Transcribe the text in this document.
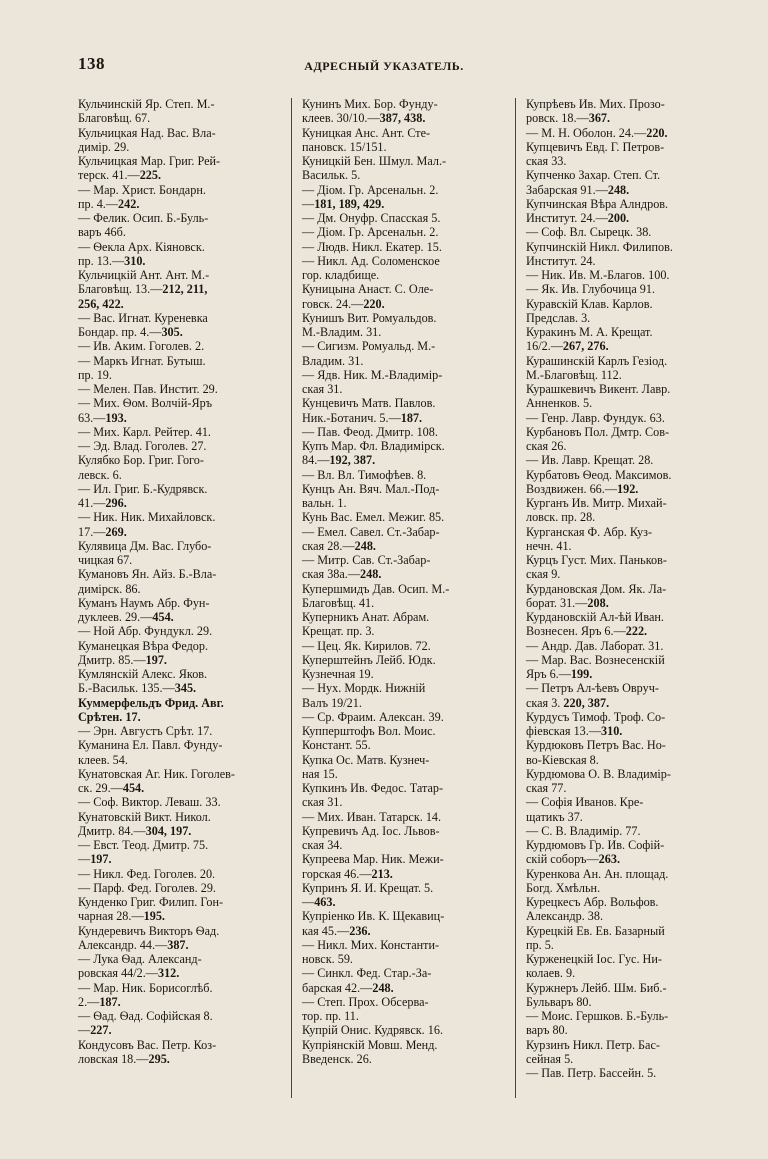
138	АДРЕСНЫЙ УКАЗАТЕЛЬ.
Кульчинскiй Яр. Степ. М.-
Благовѣщ. 67.
Кульчицкая Над. Вас. Вла-
димiр. 29.
Кульчицкая Мар. Григ. Рей-
терск. 41.—225.
— Мар. Христ. Бондарн.
пр. 4.—242.
— Фелик. Осип. Б.-Буль-
варъ 46б.
— Ѳекла Арх. Кiяновск.
пр. 13.—310.
Кульчицкiй Ант. Ант. М.-
Благовѣщ. 13.—212, 211,
256, 422.
— Вас. Игнат. Куреневка
Бондар. пр. 4.—305.
— Ив. Аким. Гоголев. 2.
— Маркъ Игнат. Бутыш.
пр. 19.
— Мелен. Пав. Инстит. 29.
— Мих. Ѳом. Волчiй-Яръ
63.—193.
— Мих. Карл. Рейтер. 41.
— Эд. Влад. Гоголев. 27.
Кулябко Бор. Григ. Гого-
левск. 6.
— Ил. Григ. Б.-Кудрявск.
41.—296.
— Ник. Ник. Михайловск.
17.—269.
Кулявица Дм. Вас. Глубо-
чицкая 67.
Кумановъ Ян. Айз. Б.-Вла-
димiрск. 86.
Куманъ Наумъ Абр. Фун-
дуклеев. 29.—454.
— Ной Абр. Фундукл. 29.
Куманецкая Вѣра Федор.
Дмитр. 85.—197.
Кумлянскiй Алекс. Яков.
Б.-Васильк. 135.—345.
Куммерфельдъ Фрид. Авг.
Срѣтен. 17.
— Эрн. Августъ Срѣт. 17.
Куманина Ел. Павл. Фунду-
клеев. 54.
Кунатовская Аг. Ник. Гоголев-
ск. 29.—454.
— Соф. Виктор. Леваш. 33.
Кунатовскiй Викт. Никол.
Дмитр. 84.—304, 197.
— Евст. Теод. Дмитр. 75.
—197.
— Никл. Фед. Гоголев. 20.
— Парф. Фед. Гоголев. 29.
Кунденко Григ. Филип. Гон-
чарная 28.—195.
Кундеревичъ Викторъ Ѳад.
Александр. 44.—387.
— Лука Ѳад. Александ-
ровская 44/2.—312.
— Мар. Ник. Борисоглѣб.
2.—187.
— Ѳад. Ѳад. Софiйская 8.
—227.
Кондусовъ Вас. Петр. Коз-
ловская 18.—295.
Кунинъ Мих. Бор. Фунду-
клеев. 30/10.—387, 438.
Куницкая Анс. Ант. Сте-
пановск. 15/151.
Куницкiй Бен. Шмул. Мал.-
Васильк. 5.
— Дiом. Гр. Арсенальн. 2.
—181, 189, 429.
— Дм. Онуфр. Спасская 5.
— Дiом. Гр. Арсенальн. 2.
— Людв. Никл. Екатер. 15.
— Никл. Ад. Соломенское
гор. кладбище.
Куницына Анаст. С. Оле-
говск. 24.—220.
Кунишъ Вит. Ромуальдов.
М.-Владим. 31.
— Сигизм. Ромуальд. М.-
Владим. 31.
— Ядв. Ник. М.-Владимiр-
ская 31.
Кунцевичъ Матв. Павлов.
Ник.-Ботанич. 5.—187.
— Пав. Феод. Дмитр. 108.
Купъ Мар. Фл. Владимiрск.
84.—192, 387.
— Вл. Вл. Тимофѣев. 8.
Кунцъ Ан. Вяч. Мал.-Под-
вальн. 1.
Кунь Вас. Емел. Межиг. 85.
— Емел. Савел. Ст.-Забар-
ская 28.—248.
— Митр. Сав. Ст.-Забар-
ская 38а.—248.
Купершмидъ Дав. Осип. М.-
Благовѣщ. 41.
Куперникъ Анат. Абрам.
Крещат. пр. 3.
— Цец. Як. Кирилов. 72.
Куперштейнъ Лейб. Юдк.
Кузнечная 19.
— Нух. Мордк. Нижнiй
Валъ 19/21.
— Ср. Фраим. Алексан. 39.
Купперштофъ Вол. Моис.
Констант. 55.
Купка Ос. Матв. Кузнеч-
ная 15.
Купкинъ Ив. Федос. Татар-
ская 31.
— Мих. Иван. Татарск. 14.
Купревичъ Ад. Iос. Львов-
ская 34.
Купреева Мар. Ник. Межи-
горская 46.—213.
Купринъ Я. И. Крещат. 5.
—463.
Купрiенко Ив. К. Щекавиц-
кая 45.—236.
— Никл. Мих. Константи-
новск. 59.
— Синкл. Фед. Стар.-За-
барская 42.—248.
— Степ. Прох. Обсерва-
тор. пр. 11.
Купрiй Онис. Кудрявск. 16.
Купрiянскiй Мовш. Менд.
Введенск. 26.
Купрѣевъ Ив. Мих. Прозо-
ровск. 18.—367.
— М. Н. Оболон. 24.—220.
Купцевичъ Евд. Г. Петров-
ская 33.
Купченко Захар. Степ. Ст.
Забарская 91.—248.
Купчинская Вѣра Алндров.
Институт. 24.—200.
— Соф. Вл. Сырецк. 38.
Купчинскiй Никл. Филипов.
Институт. 24.
— Ник. Ив. М.-Благов. 100.
— Як. Ив. Глубочица 91.
Куравскiй Клав. Карлов.
Предслав. 3.
Куракинъ М. А. Крещат.
16/2.—267, 276.
Курашинскiй Карлъ Гезiод.
М.-Благовѣщ. 112.
Курашкевичъ Викент. Лавр.
Анненков. 5.
— Генр. Лавр. Фундук. 63.
Курбановъ Пол. Дмтр. Сов-
ская 26.
— Ив. Лавр. Крещат. 28.
Курбатовъ Ѳеод. Максимов.
Воздвижен. 66.—192.
Курганъ Ив. Митр. Михай-
ловск. пр. 28.
Курганская Ф. Абр. Куз-
нечн. 41.
Курцъ Густ. Мих. Паньков-
ская 9.
Курдановская Дом. Як. Ла-
борат. 31.—208.
Курдановскiй Ал-ѣй Иван.
Вознесен. Яръ 6.—222.
— Андр. Дав. Лаборат. 31.
— Мар. Вас. Вознесенскiй
Яръ 6.—199.
— Петръ Ал-ѣевъ Овруч-
ская 3. 220, 387.
Курдусъ Тимоф. Троф. Со-
фiевская 13.—310.
Курдюковъ Петръ Вас. Но-
во-Кiевская 8.
Курдюмова О. В. Владимiр-
ская 77.
— Софiя Иванов. Кре-
щатикъ 37.
— С. В. Владимiр. 77.
Курдюмовъ Гр. Ив. Софiй-
скiй соборъ—263.
Куренкова Ан. Ан. площад.
Богд. Хмѣльн.
Курецкесъ Абр. Вольфов.
Александр. 38.
Курецкiй Ев. Ев. Базарный
пр. 5.
Курженецкiй Iос. Гус. Ни-
колаев. 9.
Куржнеръ Лейб. Шм. Биб.-
Бульваръ 80.
— Моис. Гершков. Б.-Буль-
варъ 80.
Курзинъ Никл. Петр. Бас-
сейная 5.
— Пав. Петр. Бассейн. 5.
